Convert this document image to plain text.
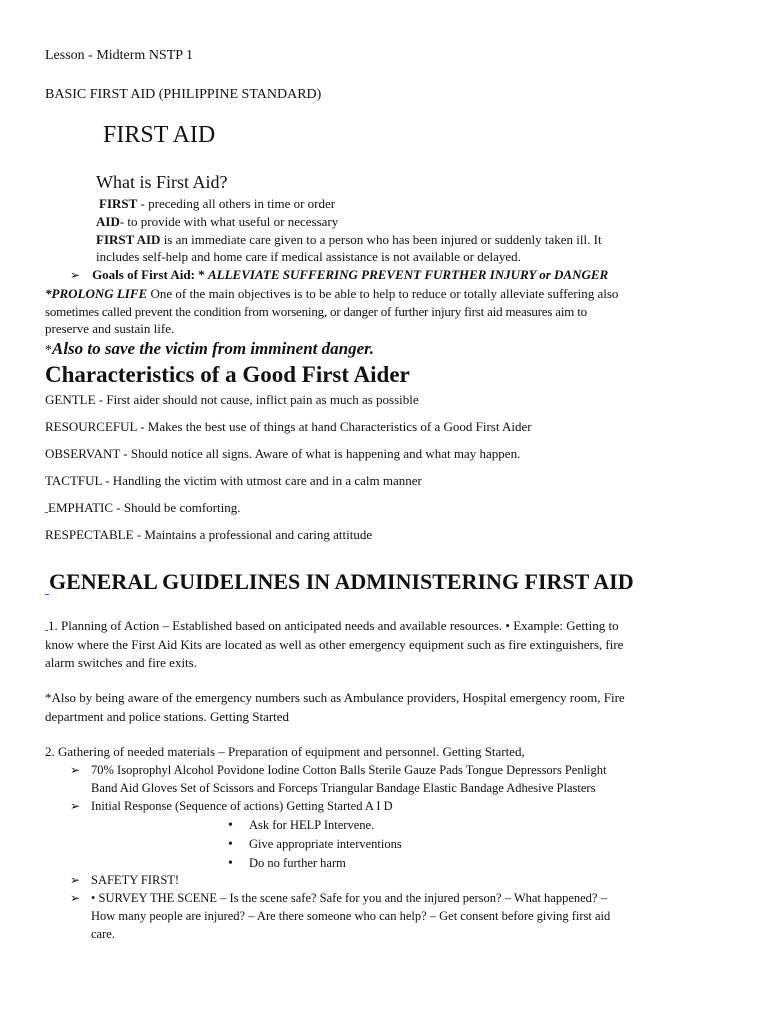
Lesson - Midterm NSTP 1
BASIC FIRST AID (PHILIPPINE STANDARD)
FIRST AID
What is First Aid?
FIRST - preceding all others in time or order
AID- to provide with what useful or necessary
FIRST AID is an immediate care given to a person who has been injured or suddenly taken ill. It
includes self-help and home care if medical assistance is not available or delayed.
➢ Goals of First Aid: * ALLEVIATE SUFFERING PREVENT FURTHER INJURY or DANGER
*PROLONG LIFE One of the main objectives is to be able to help to reduce or totally alleviate suffering also
sometimes called prevent the condition from worsening, or danger of further injury first aid measures aim to
preserve and sustain life.
*Also to save the victim from imminent danger.
Characteristics of a Good First Aider
GENTLE - First aider should not cause, inflict pain as much as possible
RESOURCEFUL - Makes the best use of things at hand Characteristics of a Good First Aider
OBSERVANT - Should notice all signs. Aware of what is happening and what may happen.
TACTFUL - Handling the victim with utmost care and in a calm manner
EMPHATIC - Should be comforting.
RESPECTABLE - Maintains a professional and caring attitude
GENERAL GUIDELINES IN ADMINISTERING FIRST AID
1. Planning of Action – Established based on anticipated needs and available resources. • Example: Getting to
know where the First Aid Kits are located as well as other emergency equipment such as fire extinguishers, fire
alarm switches and fire exits.
*Also by being aware of the emergency numbers such as Ambulance providers, Hospital emergency room, Fire
department and police stations. Getting Started
2. Gathering of needed materials – Preparation of equipment and personnel. Getting Started,
➢ 70% Isoprophyl Alcohol Povidone Iodine Cotton Balls Sterile Gauze Pads Tongue Depressors Penlight
Band Aid Gloves Set of Scissors and Forceps Triangular Bandage Elastic Bandage Adhesive Plasters
➢ Initial Response (Sequence of actions) Getting Started A I D
• Ask for HELP Intervene.
• Give appropriate interventions
• Do no further harm
➢ SAFETY FIRST!
➢ • SURVEY THE SCENE – Is the scene safe? Safe for you and the injured person? – What happened? –
How many people are injured? – Are there someone who can help? – Get consent before giving first aid
care.
